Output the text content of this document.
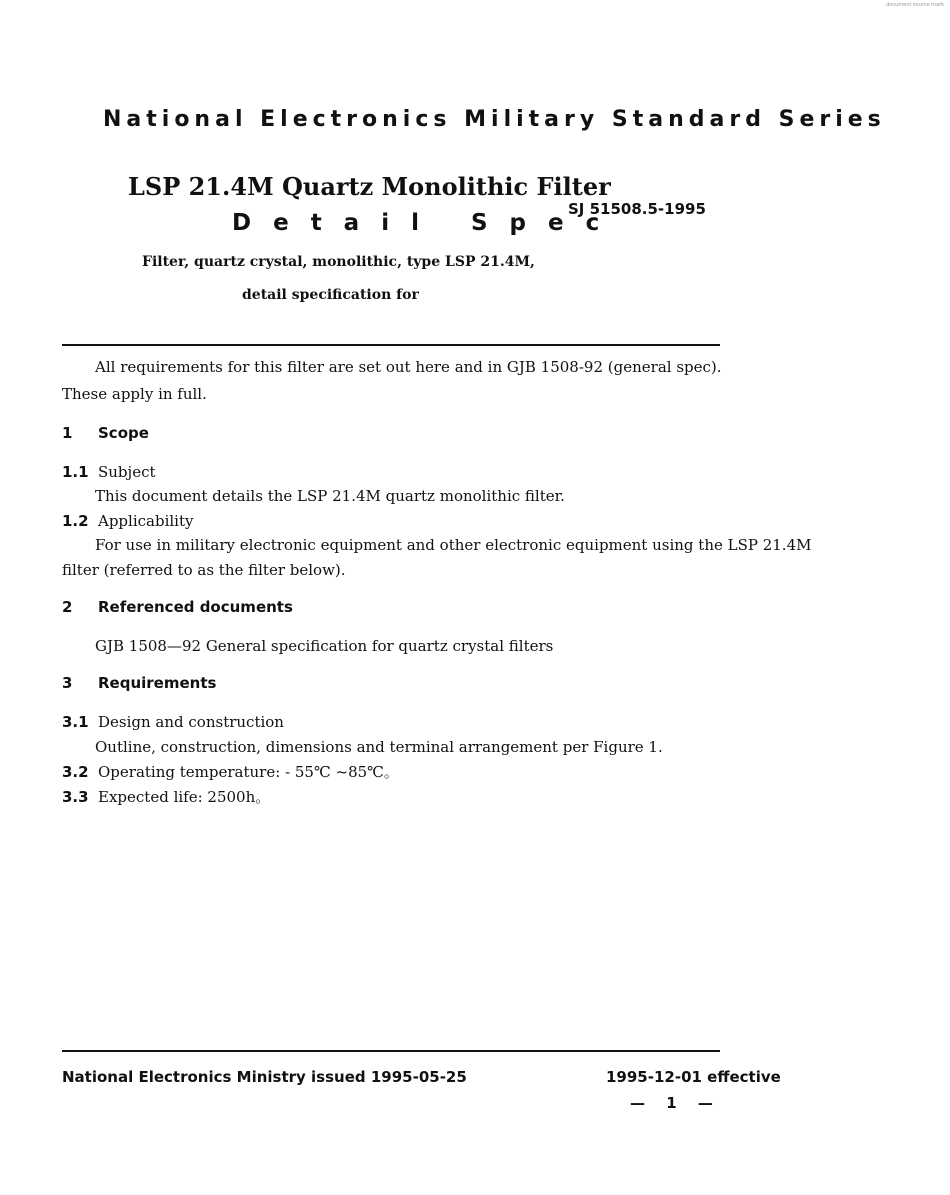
document source mark
National Electronics Military Standard Series
LSP 21.4M Quartz Monolithic Filter
Detail Spec
SJ 51508.5-1995
Filter, quartz crystal, monolithic, type LSP 21.4M,
detail specification for
All requirements for this filter are set out here and in GJB 1508-92 (general spec).
These apply in full.
1 Scope
1.1 Subject
This document details the LSP 21.4M quartz monolithic filter.
1.2 Applicability
For use in military electronic equipment and other electronic equipment using the LSP 21.4M
filter (referred to as the filter below).
2 Referenced documents
GJB 1508—92 General specification for quartz crystal filters
3 Requirements
3.1 Design and construction
Outline, construction, dimensions and terminal arrangement per Figure 1.
3.2 Operating temperature: - 55℃ ~85℃。
3.3 Expected life: 2500h。
National Electronics Ministry issued 1995-05-25	1995-12-01 effective
— 1 —
